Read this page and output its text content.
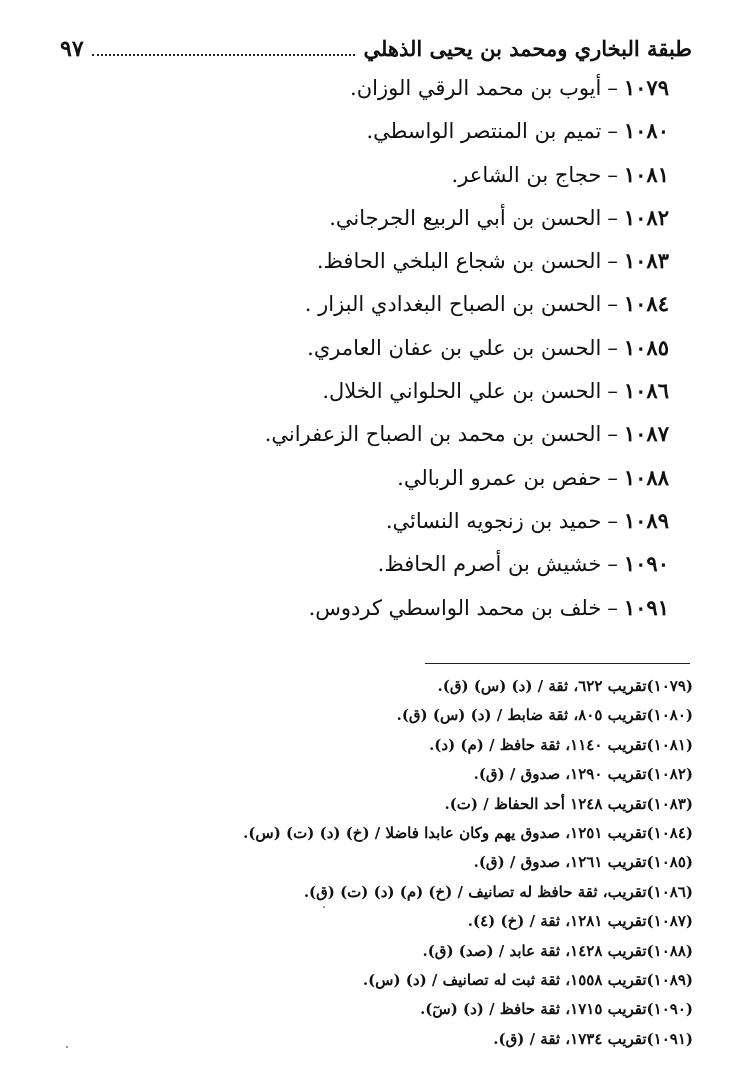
طبقة البخاري ومحمد بن يحيى الذهلي
٩٧
١٠٧٩–أيوب بن محمد الرقي الوزان.
١٠٨٠–تميم بن المنتصر الواسطي.
١٠٨١–حجاج بن الشاعر.
١٠٨٢–الحسن بن أبي الربيع الجرجاني.
١٠٨٣–الحسن بن شجاع البلخي الحافظ.
١٠٨٤–الحسن بن الصباح البغدادي البزار .
١٠٨٥–الحسن بن علي بن عفان العامري.
١٠٨٦–الحسن بن علي الحلواني الخلال.
١٠٨٧–الحسن بن محمد بن الصباح الزعفراني.
١٠٨٨–حفص بن عمرو الربالي.
١٠٨٩–حميد بن زنجويه النسائي.
١٠٩٠–خشيش بن أصرم الحافظ.
١٠٩١–خلف بن محمد الواسطي كردوس.
(١٠٧٩)تقريب ٦٢٢، ثقة / (د) (س) (ق).
(١٠٨٠)تقريب ٨٠٥، ثقة ضابط / (د) (س) (ق).
(١٠٨١)تقريب ١١٤٠، ثقة حافظ / (م) (د).
(١٠٨٢)تقريب ١٢٩٠، صدوق / (ق).
(١٠٨٣)تقريب ١٢٤٨ أحد الحفاظ / (ت).
(١٠٨٤)تقريب ١٢٥١، صدوق يهم وكان عابدا فاضلا / (خ) (د) (ت) (س).
(١٠٨٥)تقريب ١٢٦١، صدوق / (ق).
(١٠٨٦)تقريب، ثقة حافظ له تصانيف / (خ) (م) (د) (ت) (ق).
(١٠٨٧)تقريب ١٢٨١، ثقة / (خ) (٤).
(١٠٨٨)تقريب ١٤٢٨، ثقة عابد / (صد) (ق).
(١٠٨٩)تقريب ١٥٥٨، ثقة ثبت له تصانيف / (د) (س).
(١٠٩٠)تقريب ١٧١٥، ثقة حافظ / (د) (سٓ).
(١٠٩١)تقريب ١٧٣٤، ثقة / (ق).
